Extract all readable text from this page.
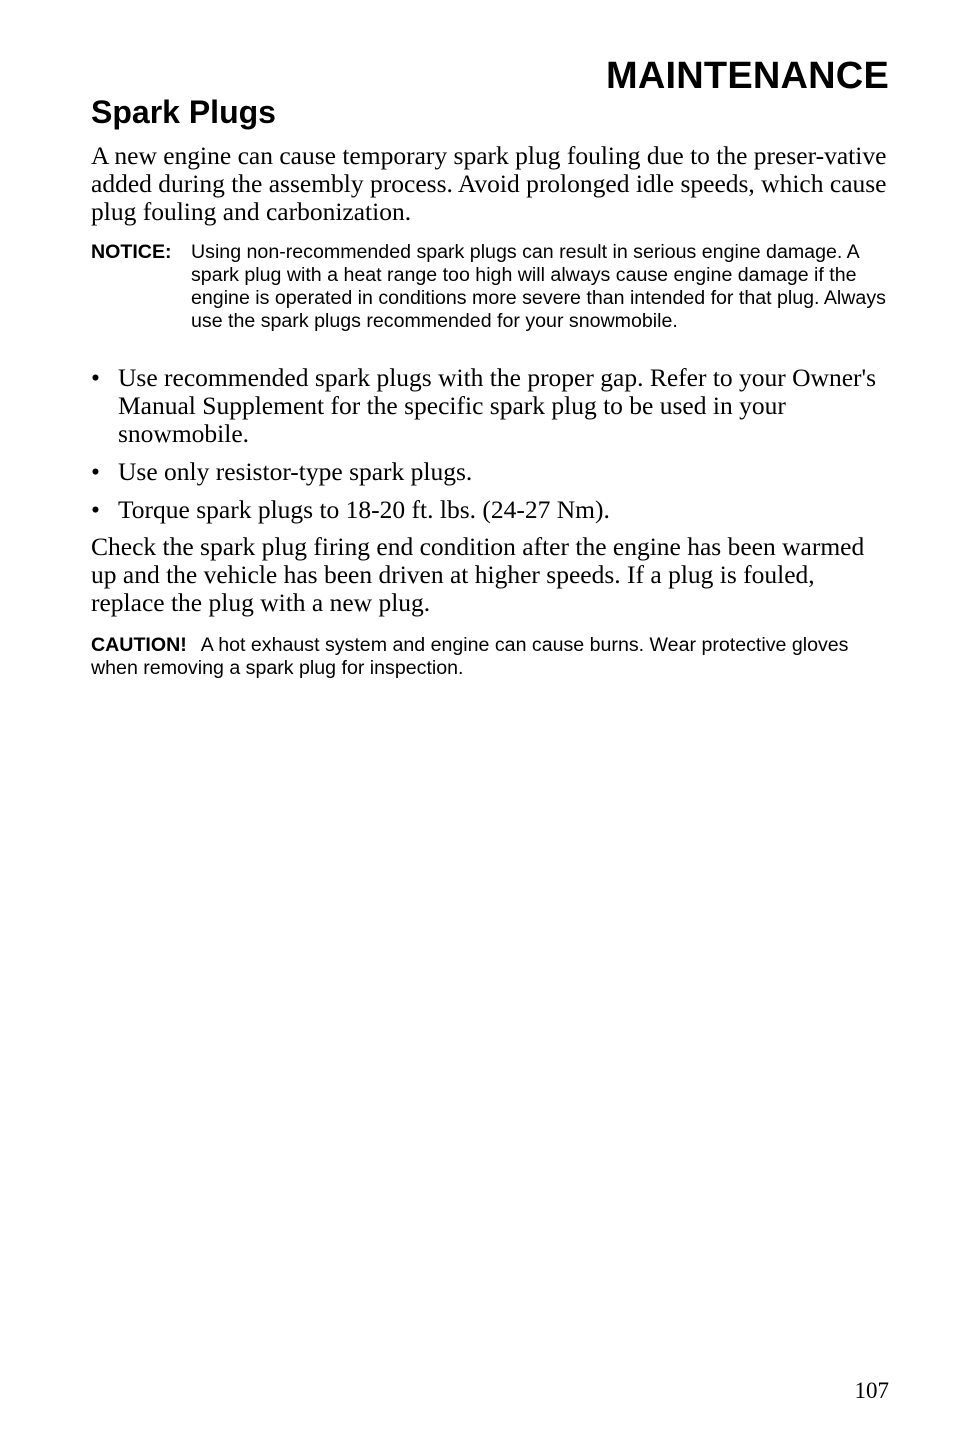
MAINTENANCE
Spark Plugs

A new engine can cause temporary spark plug fouling due to the preser-vative added during the assembly process. Avoid prolonged idle speeds, which cause plug fouling and carbonization.

NOTICE: Using non-recommended spark plugs can result in serious engine damage. A spark plug with a heat range too high will always cause engine damage if the engine is operated in conditions more severe than intended for that plug. Always use the spark plugs recommended for your snowmobile.
• Use recommended spark plugs with the proper gap. Refer to your Owner's Manual Supplement for the specific spark plug to be used in your snowmobile.
• Use only resistor-type spark plugs.
• Torque spark plugs to 18-20 ft. lbs. (24-27 Nm).

Check the spark plug firing end condition after the engine has been warmed up and the vehicle has been driven at higher speeds. If a plug is fouled, replace the plug with a new plug.

CAUTION! A hot exhaust system and engine can cause burns. Wear protective gloves when removing a spark plug for inspection.

107
